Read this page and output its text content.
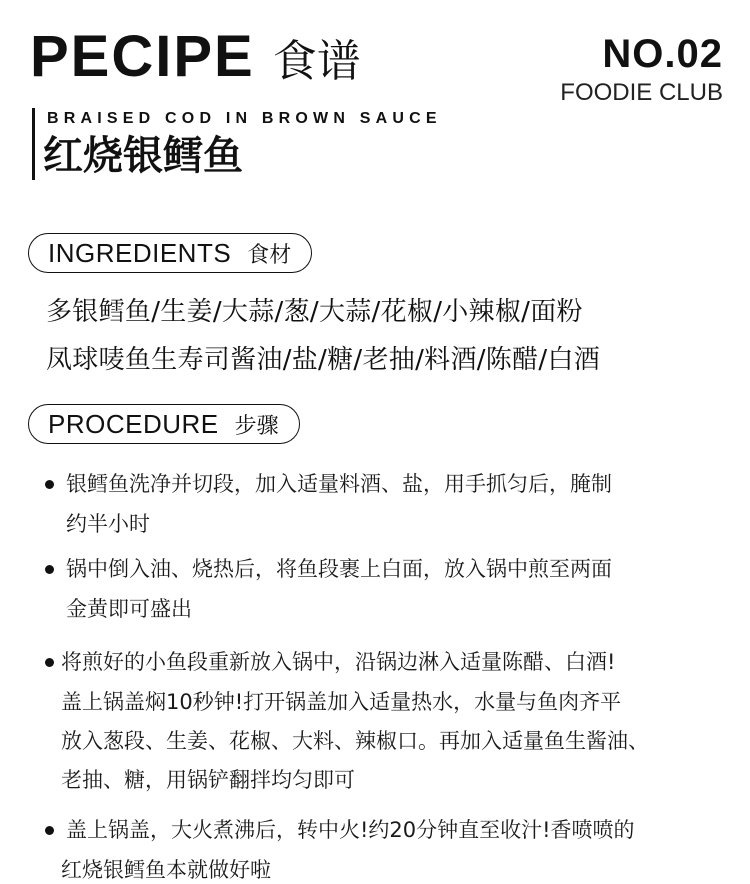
PECIPE 食谱	NO.02
FOODIE CLUB
BRAISED COD IN BROWN SAUCE
红烧银鳕鱼
INGREDIENTS 食材
多银鳕鱼/生姜/大蒜/葱/大蒜/花椒/小辣椒/面粉
凤球唛鱼生寿司酱油/盐/糖/老抽/料酒/陈醋/白酒
PROCEDURE 步骤
银鳕鱼洗净并切段，加入适量料酒、盐，用手抓匀后，腌制
约半小时
锅中倒入油、烧热后，将鱼段裹上白面，放入锅中煎至两面
金黄即可盛出
将煎好的小鱼段重新放入锅中，沿锅边淋入适量陈醋、白酒!
盖上锅盖焖10秒钟!打开锅盖加入适量热水，水量与鱼肉齐平
放入葱段、生姜、花椒、大料、辣椒口。再加入适量鱼生酱油、
老抽、糖，用锅铲翻拌均匀即可
盖上锅盖，大火煮沸后，转中火!约20分钟直至收汁!香喷喷的
红烧银鳕鱼本就做好啦
